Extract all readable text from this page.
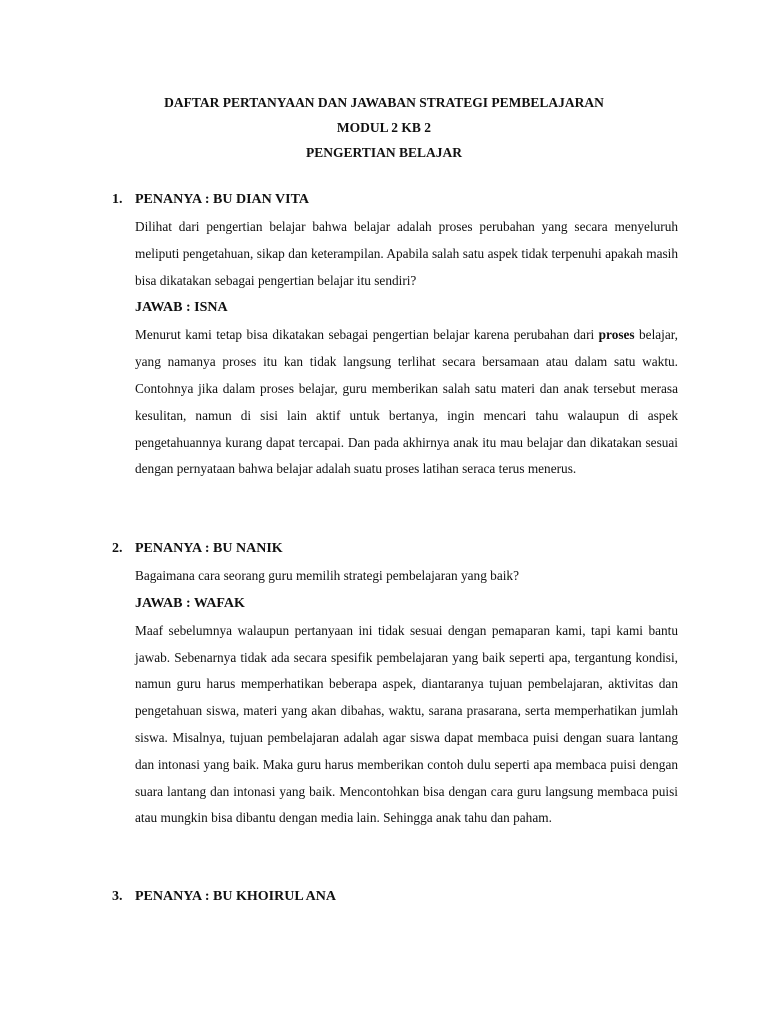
DAFTAR PERTANYAAN DAN JAWABAN STRATEGI PEMBELAJARAN
MODUL 2 KB 2
PENGERTIAN BELAJAR
1. PENANYA : BU DIAN VITA

Dilihat dari pengertian belajar bahwa belajar adalah proses perubahan yang secara menyeluruh meliputi pengetahuan, sikap dan keterampilan. Apabila salah satu aspek tidak terpenuhi apakah masih bisa dikatakan sebagai pengertian belajar itu sendiri?

JAWAB : ISNA

Menurut kami tetap bisa dikatakan sebagai pengertian belajar karena perubahan dari proses belajar, yang namanya proses itu kan tidak langsung terlihat secara bersamaan atau dalam satu waktu. Contohnya jika dalam proses belajar, guru memberikan salah satu materi dan anak tersebut merasa kesulitan, namun di sisi lain aktif untuk bertanya, ingin mencari tahu walaupun di aspek pengetahuannya kurang dapat tercapai. Dan pada akhirnya anak itu mau belajar dan dikatakan sesuai dengan pernyataan bahwa belajar adalah suatu proses latihan seraca terus menerus.

2. PENANYA : BU NANIK

Bagaimana cara seorang guru memilih strategi pembelajaran yang baik?

JAWAB : WAFAK

Maaf sebelumnya walaupun pertanyaan ini tidak sesuai dengan pemaparan kami, tapi kami bantu jawab. Sebenarnya tidak ada secara spesifik pembelajaran yang baik seperti apa, tergantung kondisi, namun guru harus memperhatikan beberapa aspek, diantaranya tujuan pembelajaran, aktivitas dan pengetahuan siswa, materi yang akan dibahas, waktu, sarana prasarana, serta memperhatikan jumlah siswa. Misalnya, tujuan pembelajaran adalah agar siswa dapat membaca puisi dengan suara lantang dan intonasi yang baik. Maka guru harus memberikan contoh dulu seperti apa membaca puisi dengan suara lantang dan intonasi yang baik. Mencontohkan bisa dengan cara guru langsung membaca puisi atau mungkin bisa dibantu dengan media lain. Sehingga anak tahu dan paham.

3. PENANYA : BU KHOIRUL ANA
